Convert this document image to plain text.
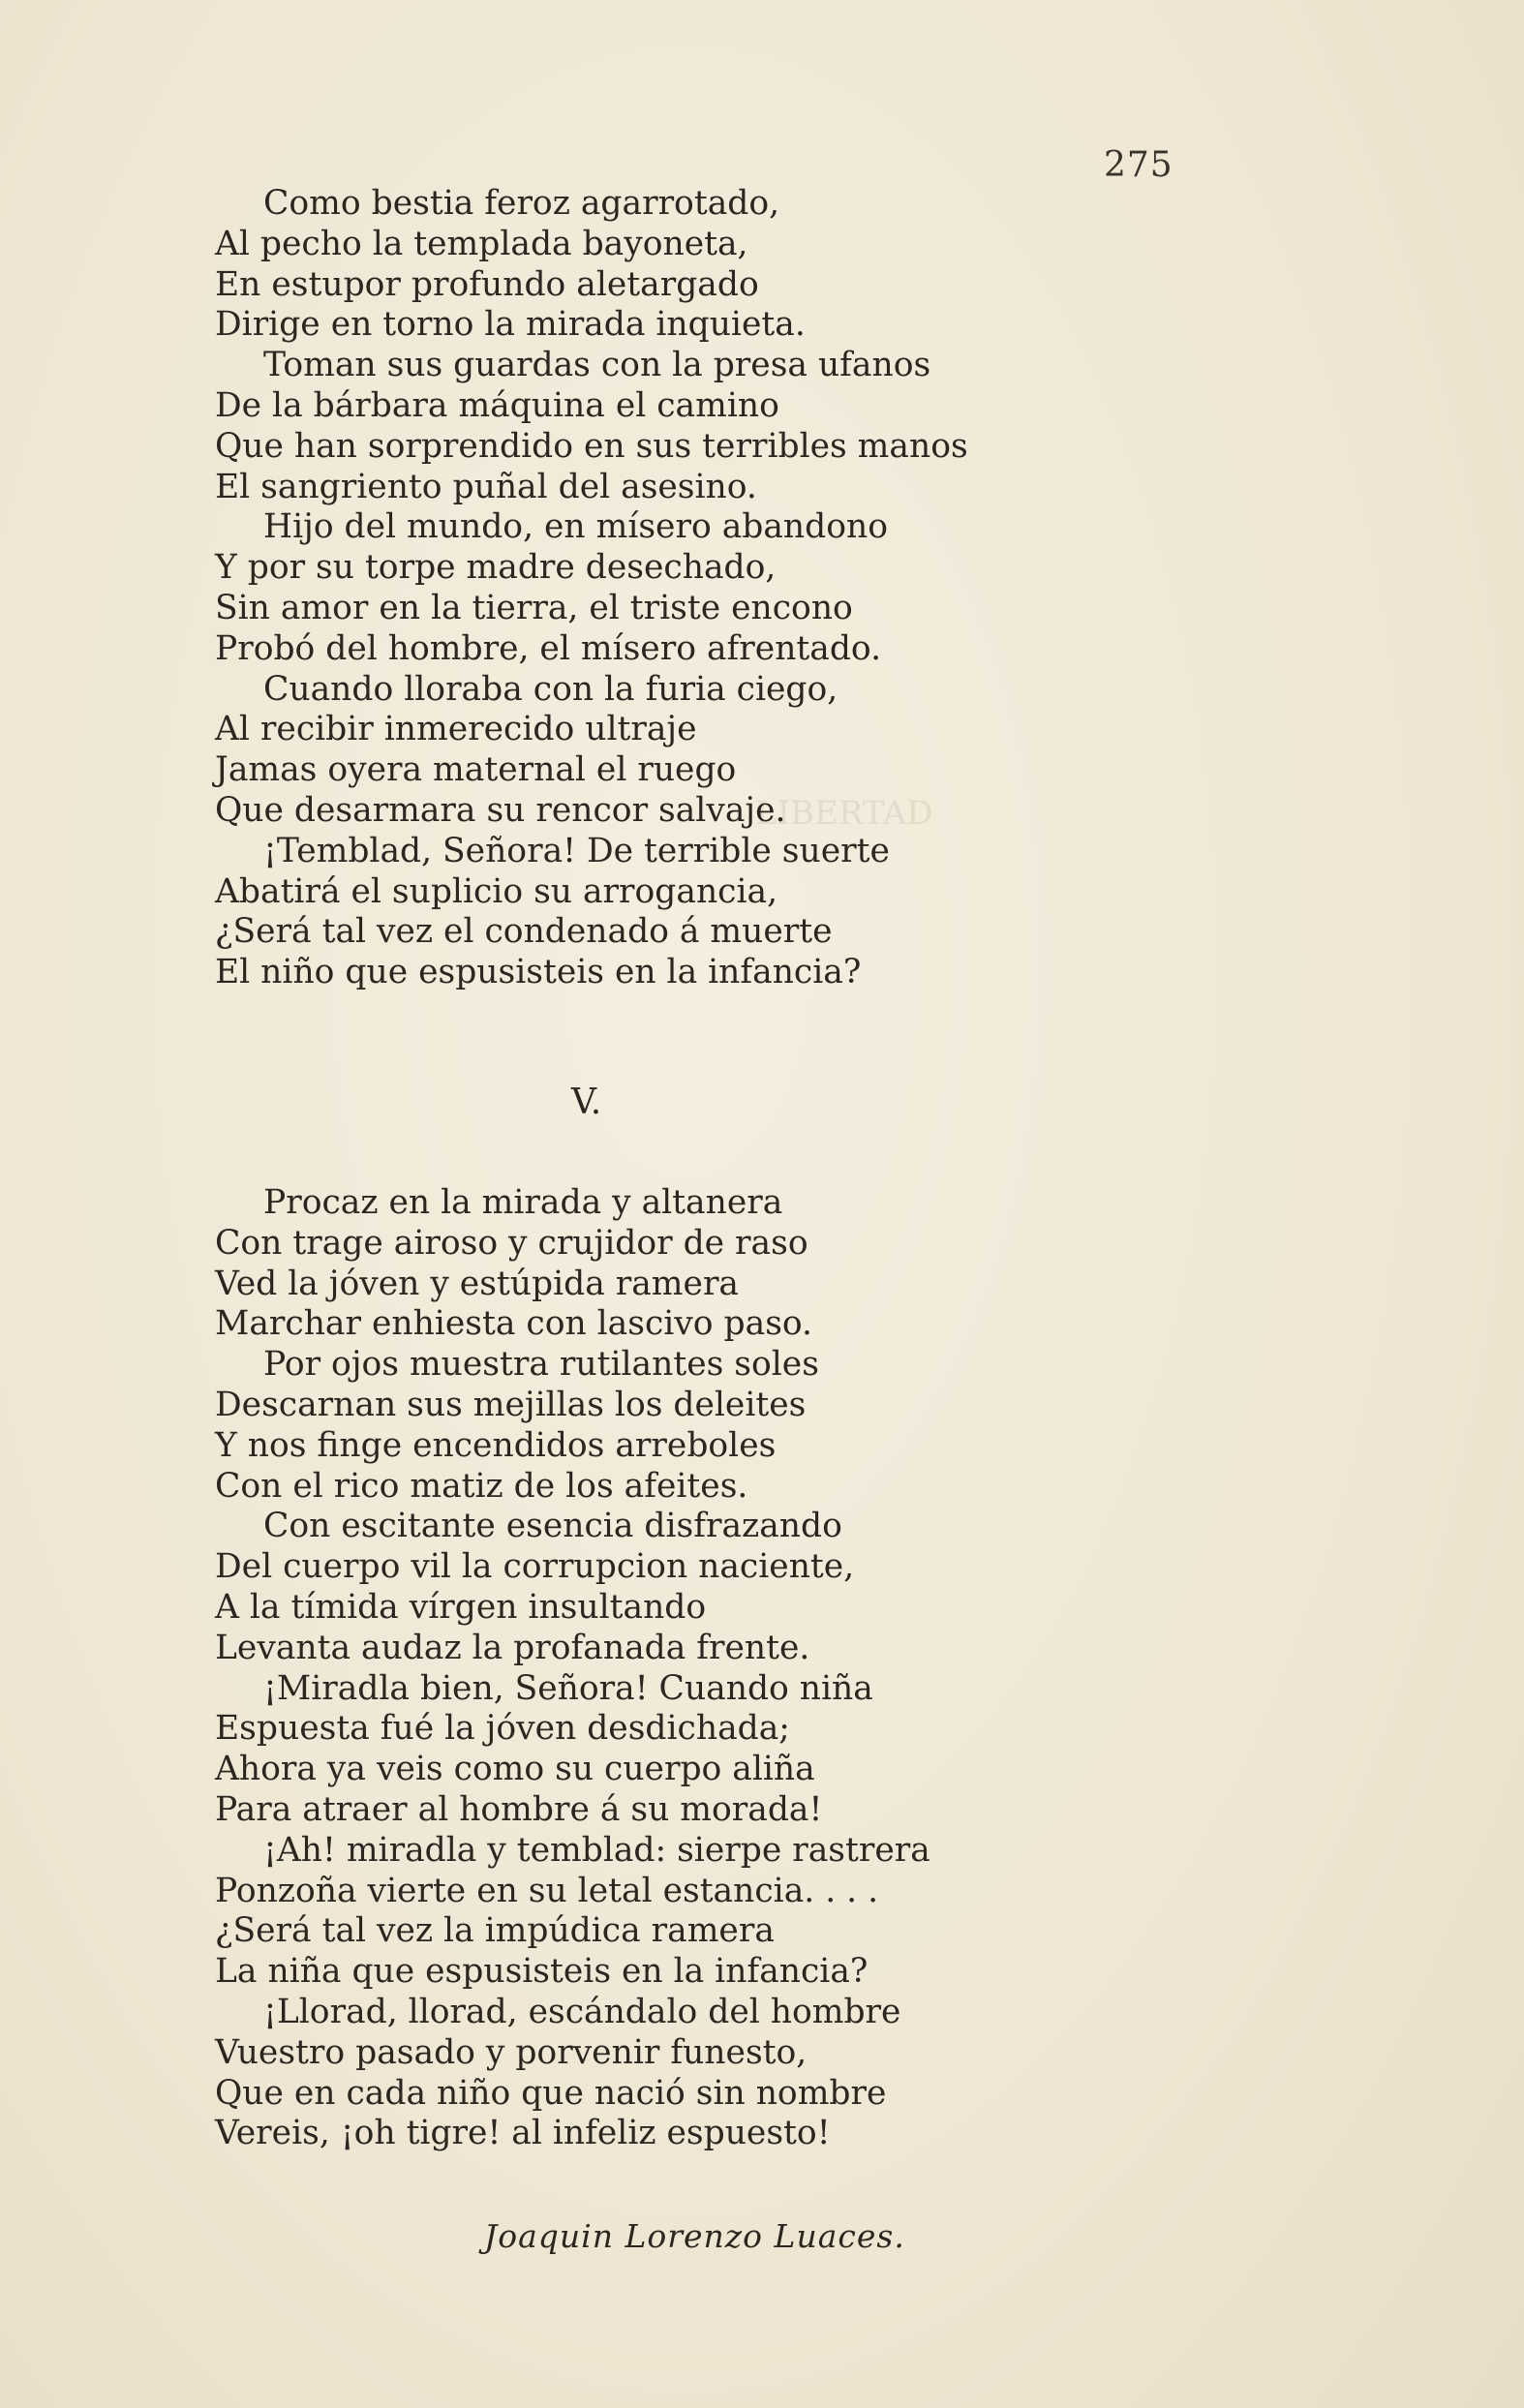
LIBERTAD
275
Como bestia feroz agarrotado,
Al pecho la templada bayoneta,
En estupor profundo aletargado
Dirige en torno la mirada inquieta.
Toman sus guardas con la presa ufanos
De la bárbara máquina el camino
Que han sorprendido en sus terribles manos
El sangriento puñal del asesino.
Hijo del mundo, en mísero abandono
Y por su torpe madre desechado,
Sin amor en la tierra, el triste encono
Probó del hombre, el mísero afrentado.
Cuando lloraba con la furia ciego,
Al recibir inmerecido ultraje
Jamas oyera maternal el ruego
Que desarmara su rencor salvaje.
¡Temblad, Señora! De terrible suerte
Abatirá el suplicio su arrogancia,
¿Será tal vez el condenado á muerte
El niño que espusisteis en la infancia?
V.
Procaz en la mirada y altanera
Con trage airoso y crujidor de raso
Ved la jóven y estúpida ramera
Marchar enhiesta con lascivo paso.
Por ojos muestra rutilantes soles
Descarnan sus mejillas los deleites
Y nos finge encendidos arreboles
Con el rico matiz de los afeites.
Con escitante esencia disfrazando
Del cuerpo vil la corrupcion naciente,
A la tímida vírgen insultando
Levanta audaz la profanada frente.
¡Miradla bien, Señora! Cuando niña
Espuesta fué la jóven desdichada;
Ahora ya veis como su cuerpo aliña
Para atraer al hombre á su morada!
¡Ah! miradla y temblad: sierpe rastrera
Ponzoña vierte en su letal estancia. . . .
¿Será tal vez la impúdica ramera
La niña que espusisteis en la infancia?
¡Llorad, llorad, escándalo del hombre
Vuestro pasado y porvenir funesto,
Que en cada niño que nació sin nombre
Vereis, ¡oh tigre! al infeliz espuesto!
Joaquin Lorenzo Luaces.
